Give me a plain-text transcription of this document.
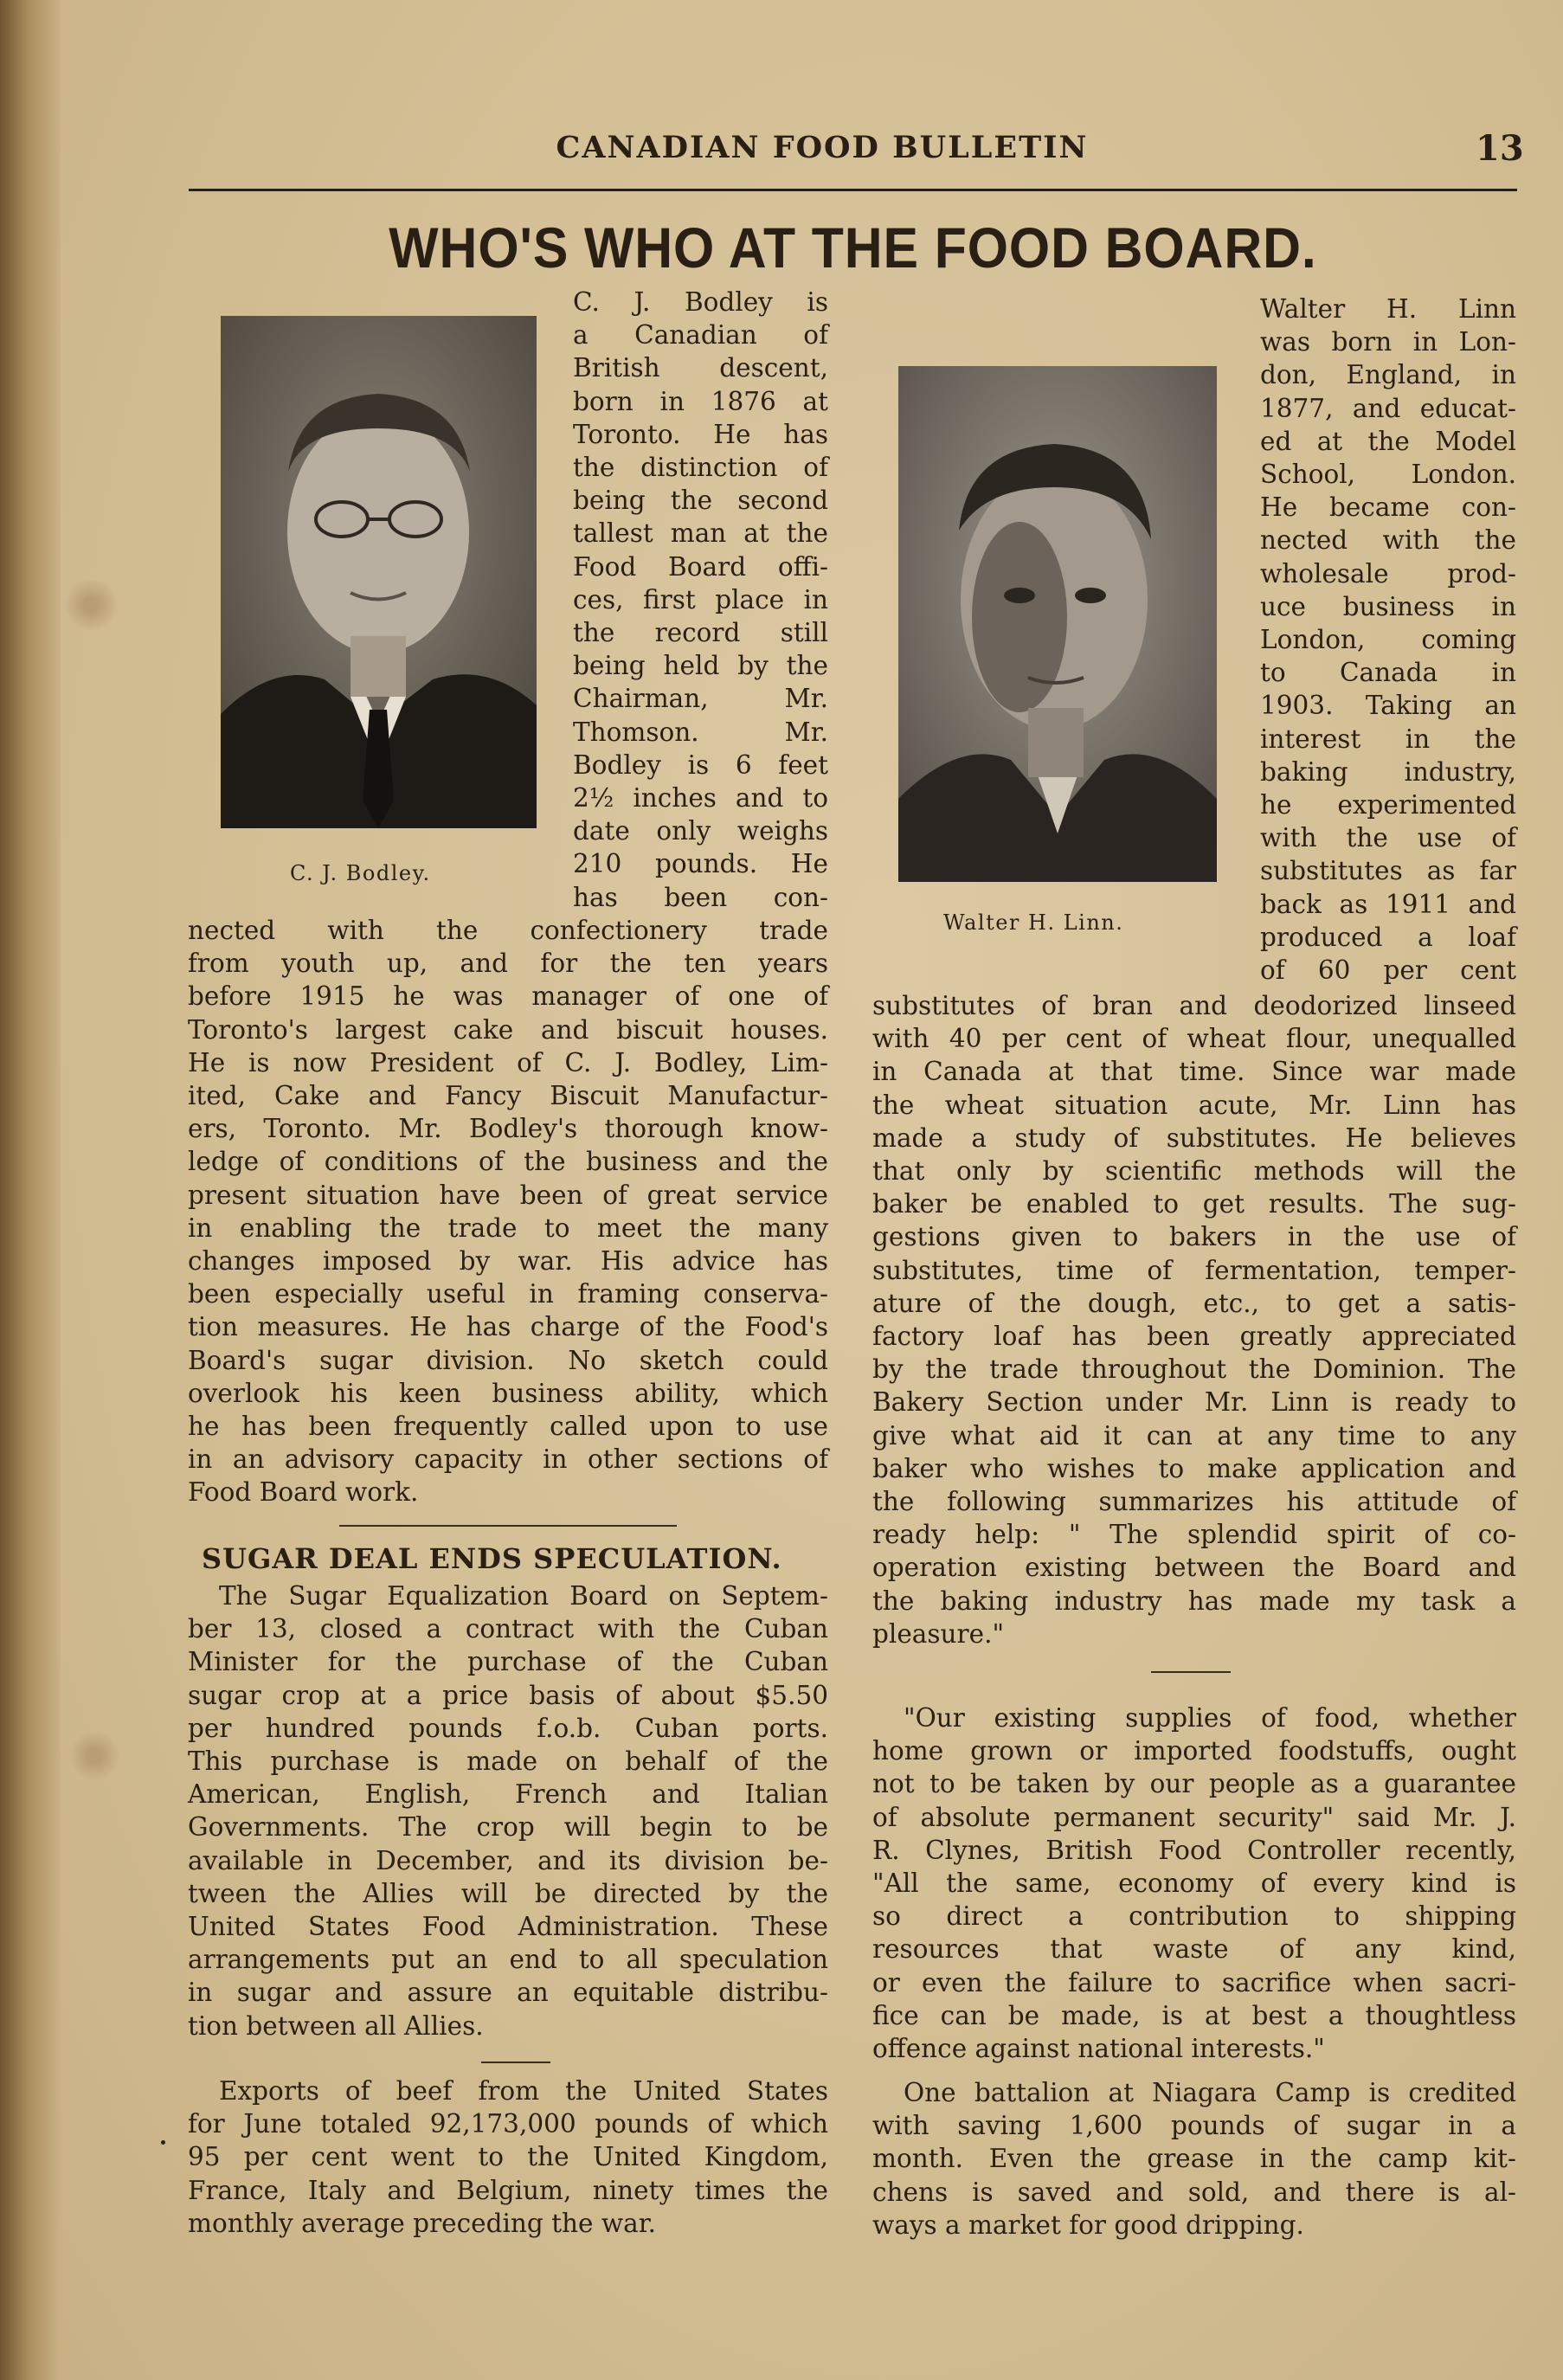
CANADIAN FOOD BULLETIN	13
WHO'S WHO AT THE FOOD BOARD.
C. J. Bodley.
C. J. Bodley is
a Canadian of
British descent,
born in 1876 at
Toronto. He has
the distinction of
being the second
tallest man at the
Food Board offi-
ces, first place in
the record still
being held by the
Chairman, Mr.
Thomson. Mr.
Bodley is 6 feet
2½ inches and to
date only weighs
210 pounds. He
has been con-
nected with the confectionery trade
from youth up, and for the ten years
before 1915 he was manager of one of
Toronto's largest cake and biscuit houses.
He is now President of C. J. Bodley, Lim-
ited, Cake and Fancy Biscuit Manufactur-
ers, Toronto. Mr. Bodley's thorough know-
ledge of conditions of the business and the
present situation have been of great service
in enabling the trade to meet the many
changes imposed by war. His advice has
been especially useful in framing conserva-
tion measures. He has charge of the Food's
Board's sugar division. No sketch could
overlook his keen business ability, which
he has been frequently called upon to use
in an advisory capacity in other sections of
Food Board work.
SUGAR DEAL ENDS SPECULATION.
The Sugar Equalization Board on Septem-
ber 13, closed a contract with the Cuban
Minister for the purchase of the Cuban
sugar crop at a price basis of about $5.50
per hundred pounds f.o.b. Cuban ports.
This purchase is made on behalf of the
American, English, French and Italian
Governments. The crop will begin to be
available in December, and its division be-
tween the Allies will be directed by the
United States Food Administration. These
arrangements put an end to all speculation
in sugar and assure an equitable distribu-
tion between all Allies.
Exports of beef from the United States
for June totaled 92,173,000 pounds of which
95 per cent went to the United Kingdom,
France, Italy and Belgium, ninety times the
monthly average preceding the war.
Walter H. Linn.
Walter H. Linn
was born in Lon-
don, England, in
1877, and educat-
ed at the Model
School, London.
He became con-
nected with the
wholesale prod-
uce business in
London, coming
to Canada in
1903. Taking an
interest in the
baking industry,
he experimented
with the use of
substitutes as far
back as 1911 and
produced a loaf
of 60 per cent
substitutes of bran and deodorized linseed
with 40 per cent of wheat flour, unequalled
in Canada at that time. Since war made
the wheat situation acute, Mr. Linn has
made a study of substitutes. He believes
that only by scientific methods will the
baker be enabled to get results. The sug-
gestions given to bakers in the use of
substitutes, time of fermentation, temper-
ature of the dough, etc., to get a satis-
factory loaf has been greatly appreciated
by the trade throughout the Dominion. The
Bakery Section under Mr. Linn is ready to
give what aid it can at any time to any
baker who wishes to make application and
the following summarizes his attitude of
ready help: " The splendid spirit of co-
operation existing between the Board and
the baking industry has made my task a
pleasure."
"Our existing supplies of food, whether
home grown or imported foodstuffs, ought
not to be taken by our people as a guarantee
of absolute permanent security" said Mr. J.
R. Clynes, British Food Controller recently,
"All the same, economy of every kind is
so direct a contribution to shipping
resources that waste of any kind,
or even the failure to sacrifice when sacri-
fice can be made, is at best a thoughtless
offence against national interests."
One battalion at Niagara Camp is credited
with saving 1,600 pounds of sugar in a
month. Even the grease in the camp kit-
chens is saved and sold, and there is al-
ways a market for good dripping.
